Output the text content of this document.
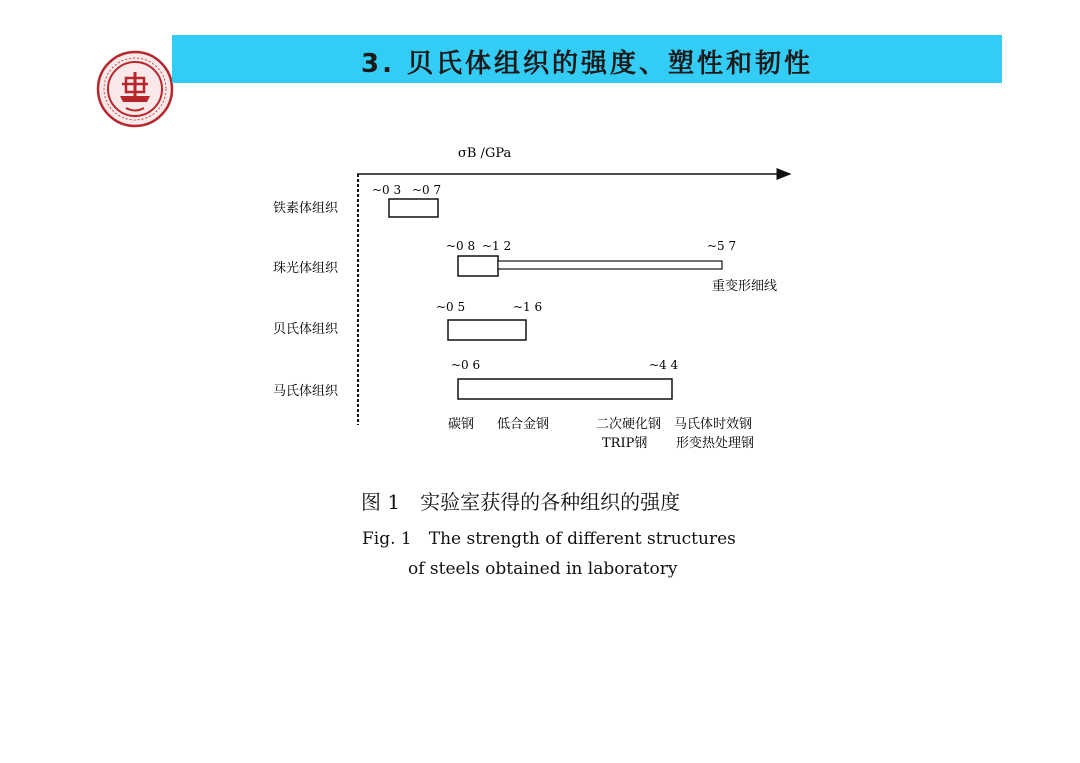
3. 贝氏体组织的强度、塑性和韧性
σB /GPa
铁素体组织
珠光体组织
贝氏体组织
马氏体组织
~0 3 ~0 7
~0 8 ~1 2	~5 7
重变形细线
~0 5	~1 6
~0 6	~4 4
碳钢 低合金钢	二次硬化钢
TRIP钢
马氏体时效钢
形变热处理钢
图 1　实验室获得的各种组织的强度
Fig. 1　The strength of different structures
of steels obtained in laboratory
